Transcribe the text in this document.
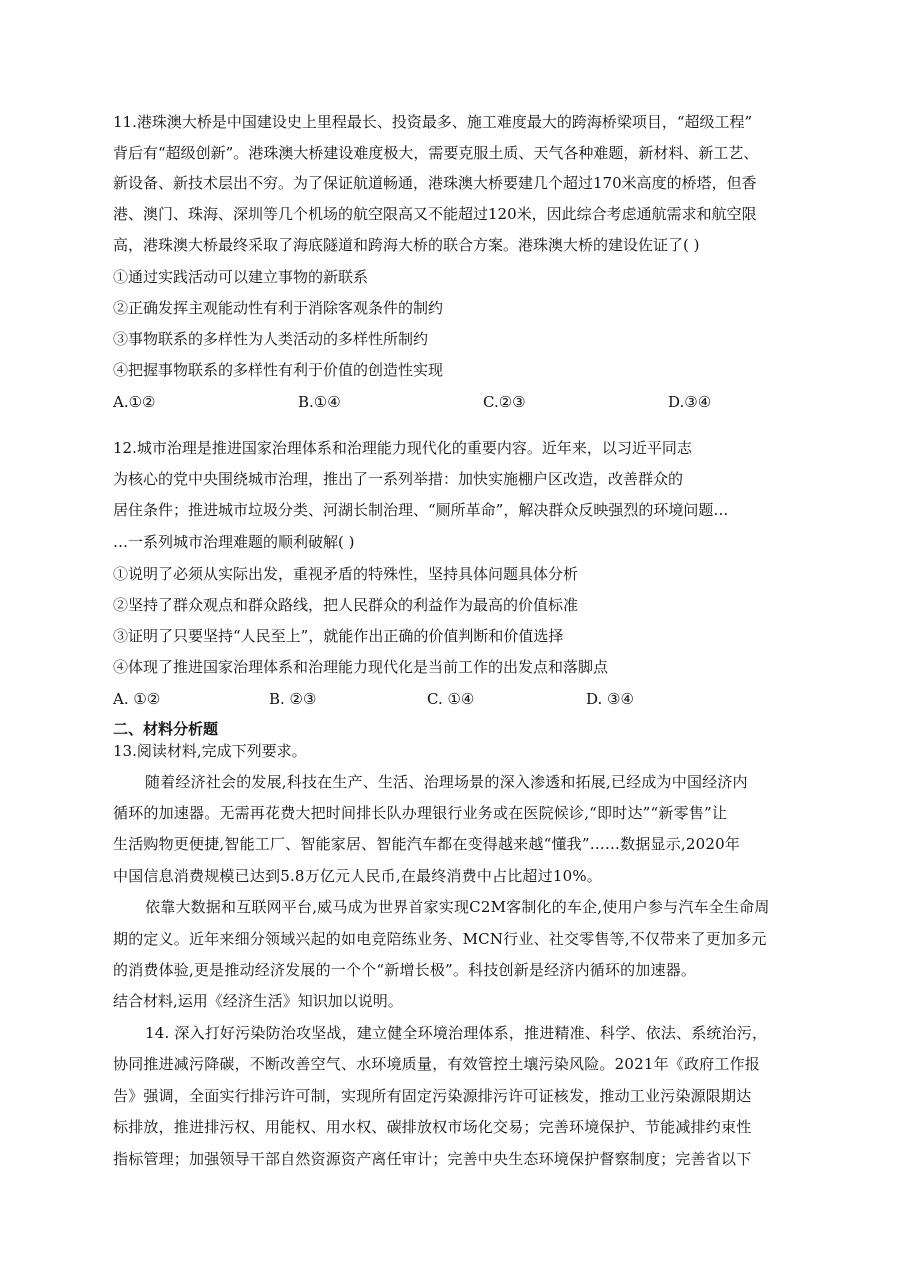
11.港珠澳大桥是中国建设史上里程最长、投资最多、施工难度最大的跨海桥梁项目，“超级工程”
背后有“超级创新”。港珠澳大桥建设难度极大，需要克服土质、天气各种难题，新材料、新工艺、
新设备、新技术层出不穷。为了保证航道畅通，港珠澳大桥要建几个超过170米高度的桥塔，但香
港、澳门、珠海、深圳等几个机场的航空限高又不能超过120米，因此综合考虑通航需求和航空限
高，港珠澳大桥最终采取了海底隧道和跨海大桥的联合方案。港珠澳大桥的建设佐证了( )
①通过实践活动可以建立事物的新联系
②正确发挥主观能动性有利于消除客观条件的制约
③事物联系的多样性为人类活动的多样性所制约
④把握事物联系的多样性有利于价值的创造性实现
A.①②	B.①④	C.②③	D.③④
12.城市治理是推进国家治理体系和治理能力现代化的重要内容。近年来，以习近平同志
为核心的党中央围绕城市治理，推出了一系列举措：加快实施棚户区改造，改善群众的
居住条件；推进城市垃圾分类、河湖长制治理、“厕所革命”，解决群众反映强烈的环境问题…
…一系列城市治理难题的顺利破解( )
①说明了必须从实际出发，重视矛盾的特殊性，坚持具体问题具体分析
②坚持了群众观点和群众路线，把人民群众的利益作为最高的价值标准
③证明了只要坚持“人民至上”，就能作出正确的价值判断和价值选择
④体现了推进国家治理体系和治理能力现代化是当前工作的出发点和落脚点
A. ①②	B. ②③	C. ①④	D. ③④
二、材料分析题
13.阅读材料,完成下列要求。
随着经济社会的发展,科技在生产、生活、治理场景的深入渗透和拓展,已经成为中国经济内
循环的加速器。无需再花费大把时间排长队办理银行业务或在医院候诊,“即时达”“新零售”让
生活购物更便捷,智能工厂、智能家居、智能汽车都在变得越来越“懂我”……数据显示,2020年
中国信息消费规模已达到5.8万亿元人民币,在最终消费中占比超过10%。
依靠大数据和互联网平台,威马成为世界首家实现C2M客制化的车企,使用户参与汽车全生命周
期的定义。近年来细分领域兴起的如电竞陪练业务、MCN行业、社交零售等,不仅带来了更加多元
的消费体验,更是推动经济发展的一个个“新增长极”。科技创新是经济内循环的加速器。
结合材料,运用《经济生活》知识加以说明。
14. 深入打好污染防治攻坚战，建立健全环境治理体系，推进精准、科学、依法、系统治污，
协同推进减污降碳，不断改善空气、水环境质量，有效管控土壤污染风险。2021年《政府工作报
告》强调，全面实行排污许可制，实现所有固定污染源排污许可证核发，推动工业污染源限期达
标排放，推进排污权、用能权、用水权、碳排放权市场化交易；完善环境保护、节能减排约束性
指标管理；加强领导干部自然资源资产离任审计；完善中央生态环境保护督察制度；完善省以下
